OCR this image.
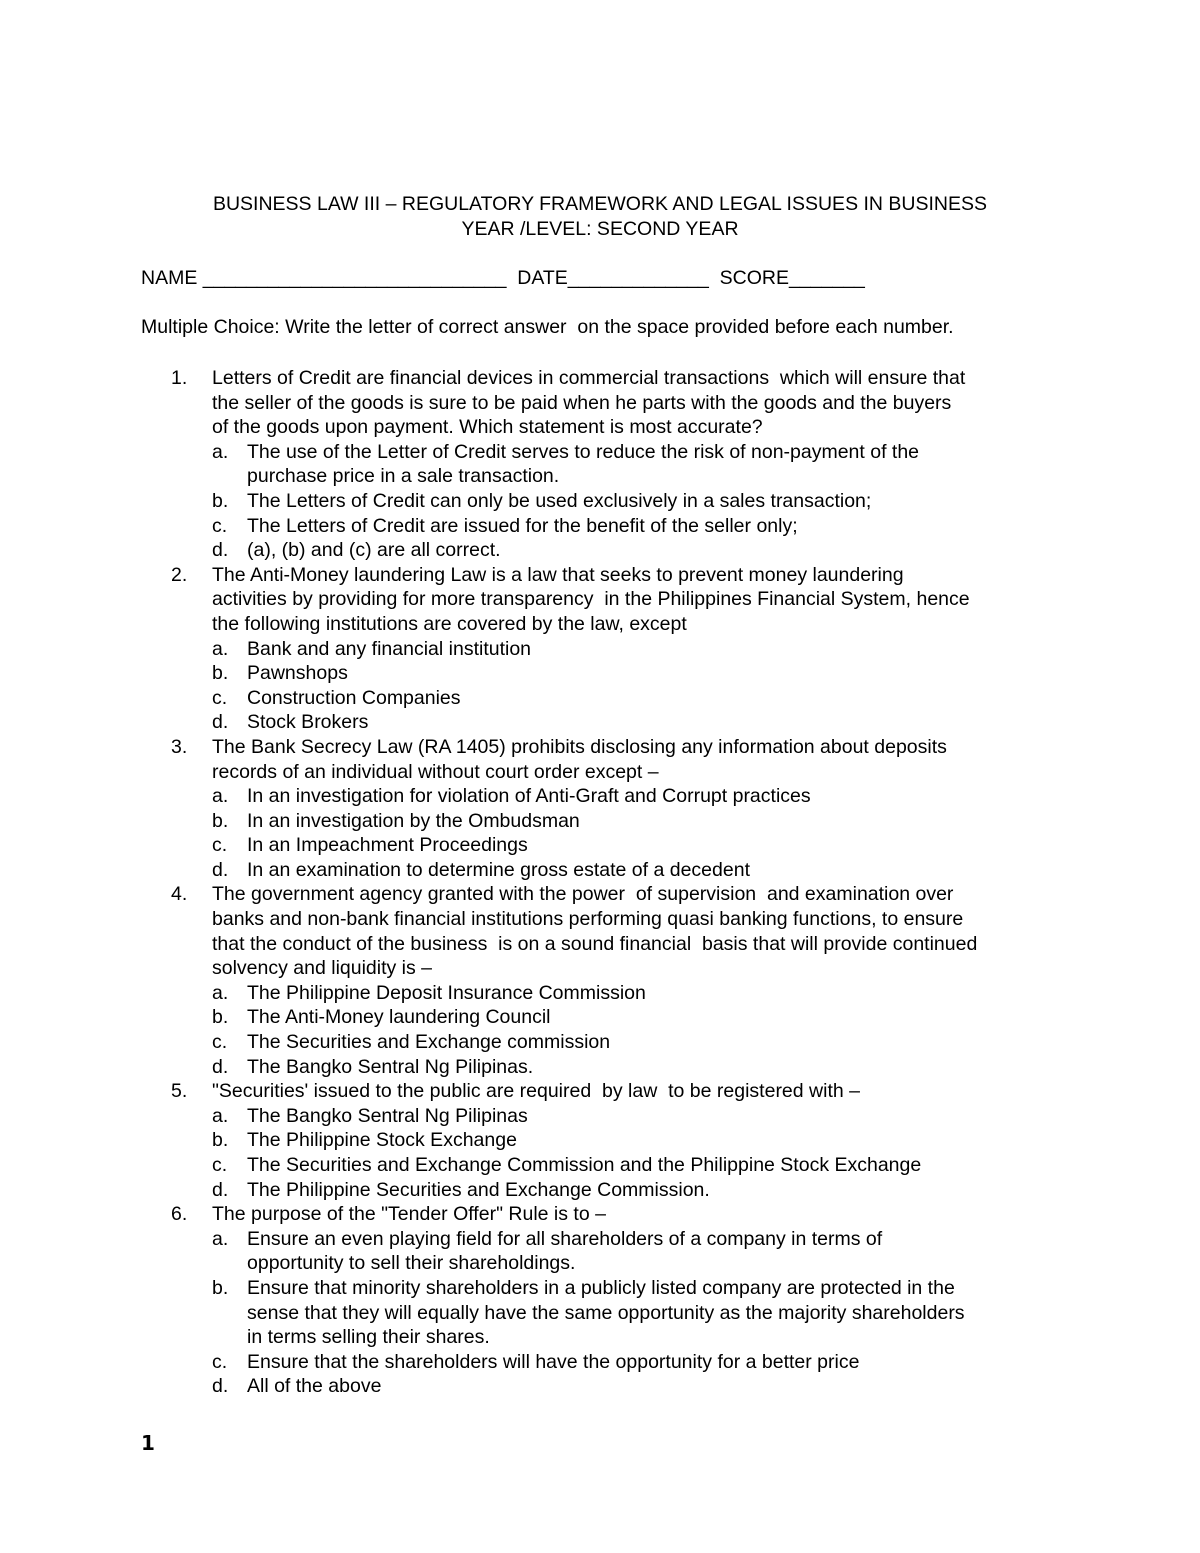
BUSINESS LAW III – REGULATORY FRAMEWORK AND LEGAL ISSUES IN BUSINESS
YEAR /LEVEL: SECOND YEAR
NAME ____________________________  DATE_____________  SCORE_______
Multiple Choice: Write the letter of correct answer  on the space provided before each number.
1. Letters of Credit are financial devices in commercial transactions  which will ensure that
the seller of the goods is sure to be paid when he parts with the goods and the buyers
of the goods upon payment. Which statement is most accurate?
a. The use of the Letter of Credit serves to reduce the risk of non-payment of the
purchase price in a sale transaction.
b. The Letters of Credit can only be used exclusively in a sales transaction;
c. The Letters of Credit are issued for the benefit of the seller only;
d. (a), (b) and (c) are all correct.
2. The Anti-Money laundering Law is a law that seeks to prevent money laundering
activities by providing for more transparency  in the Philippines Financial System, hence
the following institutions are covered by the law, except
a. Bank and any financial institution
b. Pawnshops
c. Construction Companies
d. Stock Brokers
3. The Bank Secrecy Law (RA 1405) prohibits disclosing any information about deposits
records of an individual without court order except –
a. In an investigation for violation of Anti-Graft and Corrupt practices
b. In an investigation by the Ombudsman
c. In an Impeachment Proceedings
d. In an examination to determine gross estate of a decedent
4. The government agency granted with the power  of supervision  and examination over
banks and non-bank financial institutions performing quasi banking functions, to ensure
that the conduct of the business  is on a sound financial  basis that will provide continued
solvency and liquidity is –
a. The Philippine Deposit Insurance Commission
b. The Anti-Money laundering Council
c. The Securities and Exchange commission
d. The Bangko Sentral Ng Pilipinas.
5. "Securities' issued to the public are required  by law  to be registered with –
a. The Bangko Sentral Ng Pilipinas
b. The Philippine Stock Exchange
c. The Securities and Exchange Commission and the Philippine Stock Exchange
d. The Philippine Securities and Exchange Commission.
6. The purpose of the "Tender Offer" Rule is to –
a. Ensure an even playing field for all shareholders of a company in terms of
opportunity to sell their shareholdings.
b. Ensure that minority shareholders in a publicly listed company are protected in the
sense that they will equally have the same opportunity as the majority shareholders
in terms selling their shares.
c. Ensure that the shareholders will have the opportunity for a better price
d. All of the above
1
